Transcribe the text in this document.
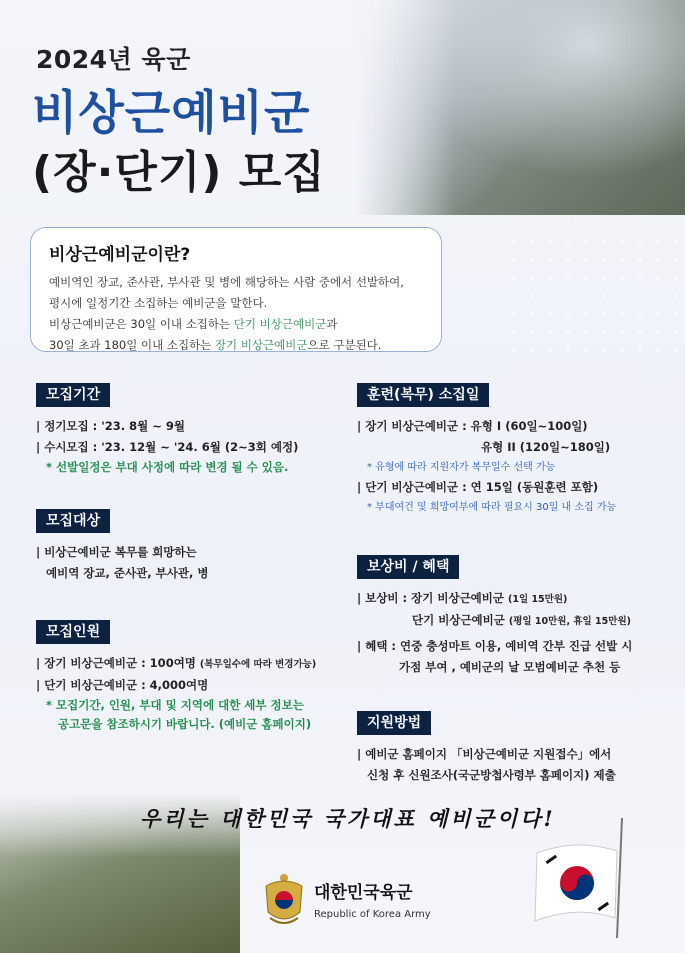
2024년 육군
비상근예비군
(장·단기) 모집
비상근예비군이란?
예비역인 장교, 준사관, 부사관 및 병에 해당하는 사람 중에서 선발하여,
평시에 일정기간 소집하는 예비군을 말한다.
비상근예비군은 30일 이내 소집하는 단기 비상근예비군과
30일 초과 180일 이내 소집하는 장기 비상근예비군으로 구분된다.
모집기간
| 정기모집 : '23. 8월 ~ 9월
| 수시모집 : '23. 12월 ~ '24. 6월 (2~3회 예정)
* 선발일정은 부대 사정에 따라 변경 될 수 있음.
모집대상
| 비상근예비군 복무를 희망하는
예비역 장교, 준사관, 부사관, 병
모집인원
| 장기 비상근예비군 : 100여명 (복무일수에 따라 변경가능)
| 단기 비상근예비군 : 4,000여명
* 모집기간, 인원, 부대 및 지역에 대한 세부 정보는
공고문을 참조하시기 바랍니다. (예비군 홈페이지)
훈련(복무) 소집일
| 장기 비상근예비군 : 유형 I (60일~100일)
유형 II (120일~180일)
* 유형에 따라 지원자가 복무일수 선택 가능
| 단기 비상근예비군 : 연 15일 (동원훈련 포함)
* 부대여건 및 희망여부에 따라 필요시 30일 내 소집 가능
보상비 / 혜택
| 보상비 : 장기 비상근예비군 (1일 15만원)
단기 비상근예비군 (평일 10만원, 휴일 15만원)
| 혜택 : 연중 충성마트 이용, 예비역 간부 진급 선발 시
가점 부여 , 예비군의 날 모범예비군 추천 등
지원방법
| 예비군 홈페이지 「비상근예비군 지원접수」에서
신청 후 신원조사(국군방첩사령부 홈페이지) 제출
우리는 대한민국 국가대표 예비군이다!
대한민국육군
Republic of Korea Army
